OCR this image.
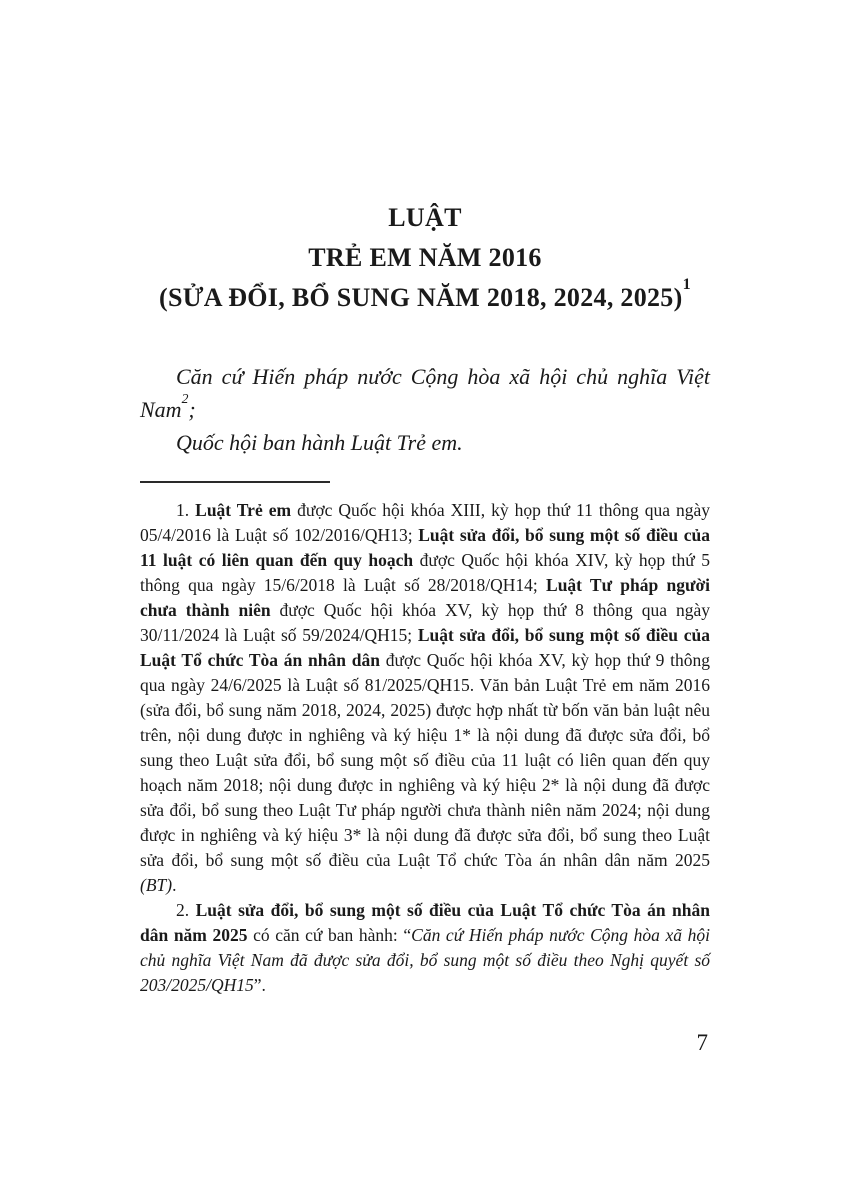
LUẬT
TRẺ EM NĂM 2016
(SỬA ĐỔI, BỔ SUNG NĂM 2018, 2024, 2025)$^1$

Căn cứ Hiến pháp nước Cộng hòa xã hội chủ nghĩa Việt Nam$^2$;

Quốc hội ban hành Luật Trẻ em.

1. Luật Trẻ em được Quốc hội khóa XIII, kỳ họp thứ 11 thông qua ngày 05/4/2016 là Luật số 102/2016/QH13; Luật sửa đổi, bổ sung một số điều của 11 luật có liên quan đến quy hoạch được Quốc hội khóa XIV, kỳ họp thứ 5 thông qua ngày 15/6/2018 là Luật số 28/2018/QH14; Luật Tư pháp người chưa thành niên được Quốc hội khóa XV, kỳ họp thứ 8 thông qua ngày 30/11/2024 là Luật số 59/2024/QH15; Luật sửa đổi, bổ sung một số điều của Luật Tổ chức Tòa án nhân dân được Quốc hội khóa XV, kỳ họp thứ 9 thông qua ngày 24/6/2025 là Luật số 81/2025/QH15. Văn bản Luật Trẻ em năm 2016 (sửa đổi, bổ sung năm 2018, 2024, 2025) được hợp nhất từ bốn văn bản luật nêu trên, nội dung được in nghiêng và ký hiệu 1* là nội dung đã được sửa đổi, bổ sung theo Luật sửa đổi, bổ sung một số điều của 11 luật có liên quan đến quy hoạch năm 2018; nội dung được in nghiêng và ký hiệu 2* là nội dung đã được sửa đổi, bổ sung theo Luật Tư pháp người chưa thành niên năm 2024; nội dung được in nghiêng và ký hiệu 3* là nội dung đã được sửa đổi, bổ sung theo Luật sửa đổi, bổ sung một số điều của Luật Tổ chức Tòa án nhân dân năm 2025 (BT).

2. Luật sửa đổi, bổ sung một số điều của Luật Tổ chức Tòa án nhân dân năm 2025 có căn cứ ban hành: “Căn cứ Hiến pháp nước Cộng hòa xã hội chủ nghĩa Việt Nam đã được sửa đổi, bổ sung một số điều theo Nghị quyết số 203/2025/QH15”.

7
